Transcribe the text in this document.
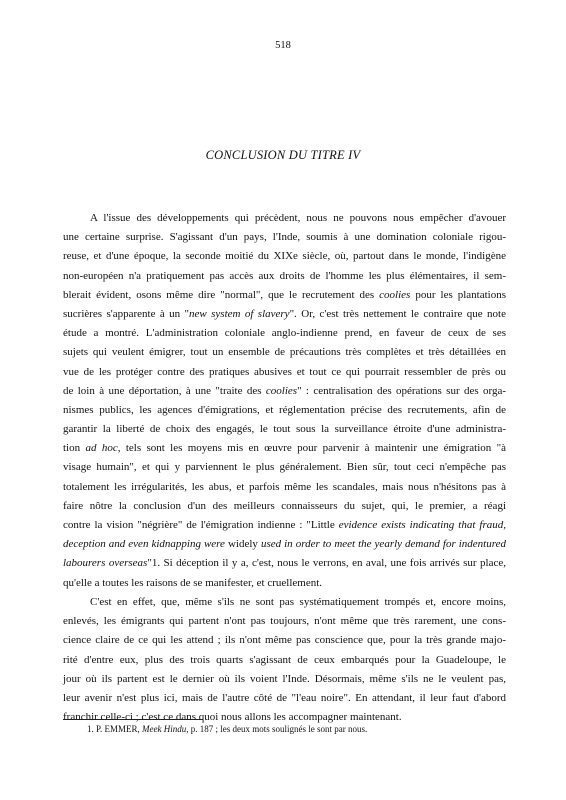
518
CONCLUSION DU TITRE IV
A l'issue des développements qui précèdent, nous ne pouvons nous empêcher d'avouer
une certaine surprise. S'agissant d'un pays, l'Inde, soumis à une domination coloniale rigou-
reuse, et d'une époque, la seconde moitié du XIXe siècle, où, partout dans le monde, l'indigène
non-européen n'a pratiquement pas accès aux droits de l'homme les plus élémentaires, il sem-
blerait évident, osons même dire "normal", que le recrutement des coolies pour les plantations
sucrières s'apparente à un "new system of slavery". Or, c'est très nettement le contraire que note
étude a montré. L'administration coloniale anglo-indienne prend, en faveur de ceux de ses
sujets qui veulent émigrer, tout un ensemble de précautions très complètes et très détaillées en
vue de les protéger contre des pratiques abusives et tout ce qui pourrait ressembler de près ou
de loin à une déportation, à une "traite des coolies" : centralisation des opérations sur des orga-
nismes publics, les agences d'émigrations, et réglementation précise des recrutements, afin de
garantir la liberté de choix des engagés, le tout sous la surveillance étroite d'une administra-
tion ad hoc, tels sont les moyens mis en œuvre pour parvenir à maintenir une émigration "à
visage humain", et qui y parviennent le plus généralement. Bien sûr, tout ceci n'empêche pas
totalement les irrégularités, les abus, et parfois même les scandales, mais nous n'hésitons pas à
faire nôtre la conclusion d'un des meilleurs connaisseurs du sujet, qui, le premier, a réagi
contre la vision "négrière" de l'émigration indienne : "Little evidence exists indicating that fraud,
deception and even kidnapping were widely used in order to meet the yearly demand for indentured
labourers overseas"1. Si déception il y a, c'est, nous le verrons, en aval, une fois arrivés sur place,
qu'elle a toutes les raisons de se manifester, et cruellement.
C'est en effet, que, même s'ils ne sont pas systématiquement trompés et, encore moins,
enlevés, les émigrants qui partent n'ont pas toujours, n'ont même que très rarement, une cons-
cience claire de ce qui les attend ; ils n'ont même pas conscience que, pour la très grande majo-
rité d'entre eux, plus des trois quarts s'agissant de ceux embarqués pour la Guadeloupe, le
jour où ils partent est le dernier où ils voient l'Inde. Désormais, même s'ils ne le veulent pas,
leur avenir n'est plus ici, mais de l'autre côté de "l'eau noire". En attendant, il leur faut d'abord
franchir celle-ci ; c'est ce dans quoi nous allons les accompagner maintenant.
1. P. EMMER, Meek Hindu, p. 187 ; les deux mots soulignés le sont par nous.
